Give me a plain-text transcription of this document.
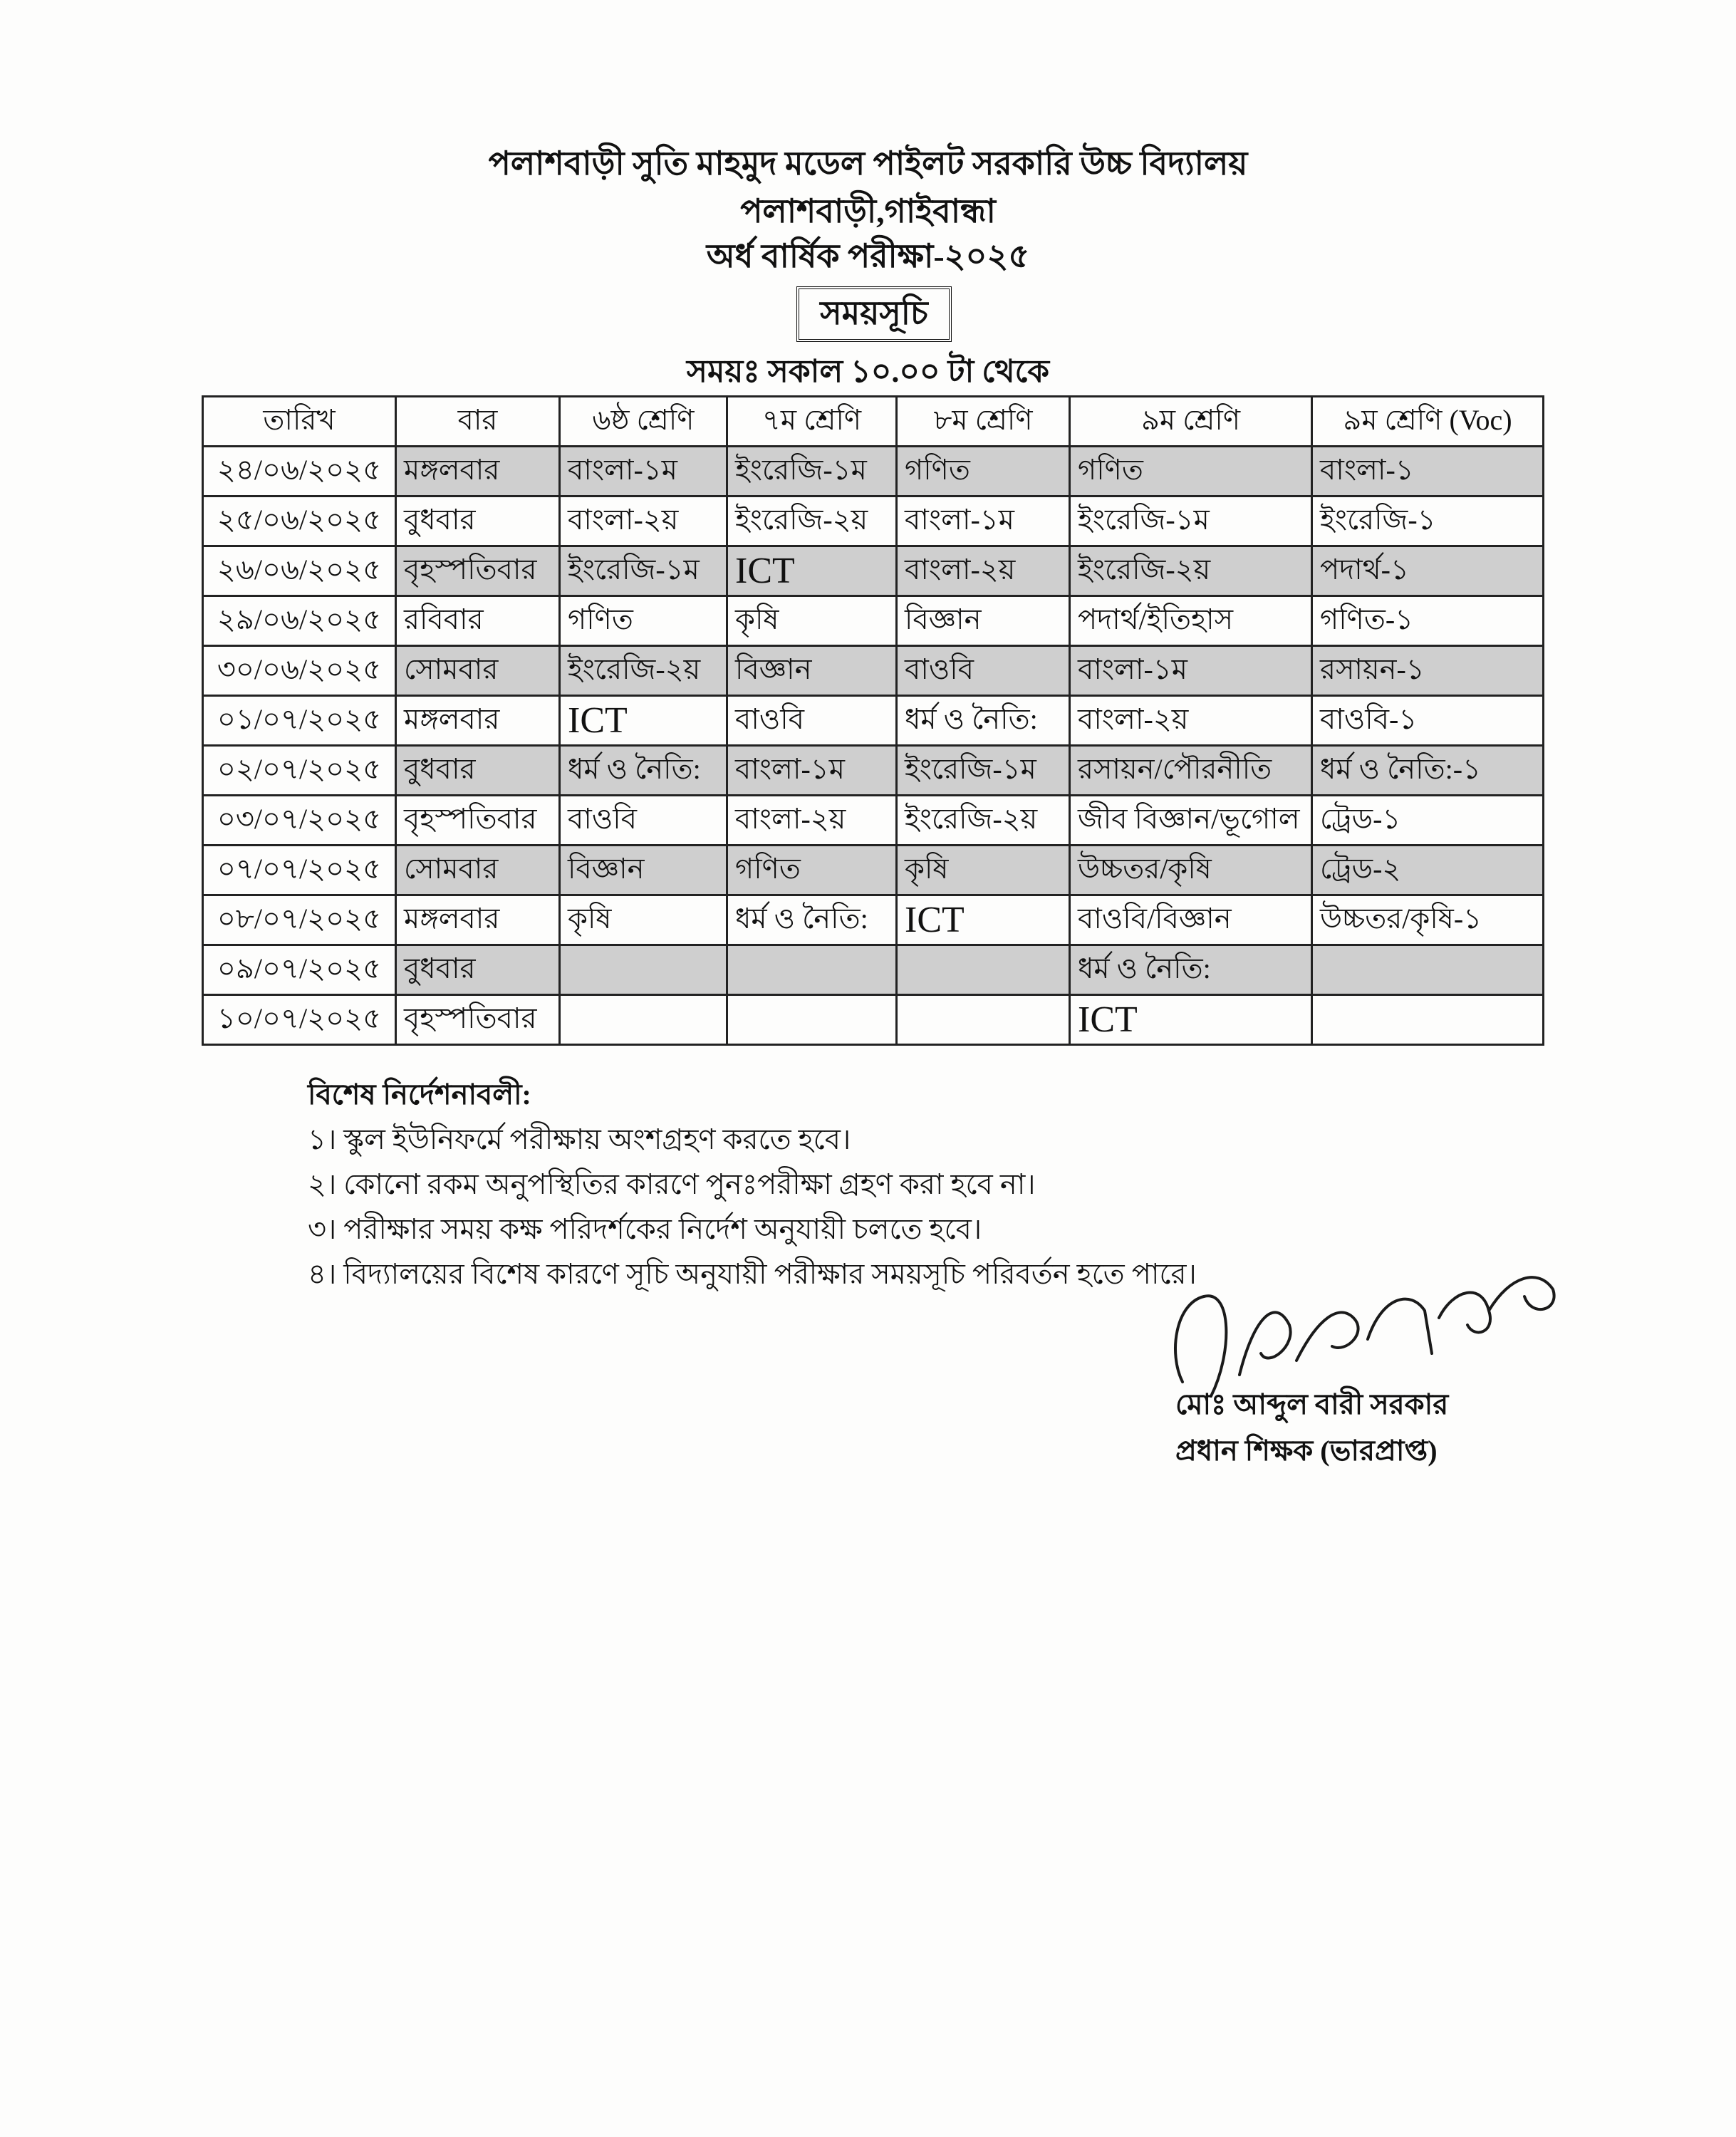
পলাশবাড়ী সুতি মাহমুদ মডেল পাইলট সরকারি উচ্চ বিদ্যালয়
পলাশবাড়ী,গাইবান্ধা
অর্ধ বার্ষিক পরীক্ষা-২০২৫
সময়সূচি
সময়ঃ সকাল ১০.০০ টা থেকে
তারিখ	বার	৬ষ্ঠ শ্রেণি	৭ম শ্রেণি	৮ম শ্রেণি	৯ম শ্রেণি	৯ম শ্রেণি (Voc)
২৪/০৬/২০২৫	মঙ্গলবার	বাংলা-১ম	ইংরেজি-১ম	গণিত	গণিত	বাংলা-১
২৫/০৬/২০২৫	বুধবার	বাংলা-২য়	ইংরেজি-২য়	বাংলা-১ম	ইংরেজি-১ম	ইংরেজি-১
২৬/০৬/২০২৫	বৃহস্পতিবার	ইংরেজি-১ম	ICT	বাংলা-২য়	ইংরেজি-২য়	পদার্থ-১
২৯/০৬/২০২৫	রবিবার	গণিত	কৃষি	বিজ্ঞান	পদার্থ/ইতিহাস	গণিত-১
৩০/০৬/২০২৫	সোমবার	ইংরেজি-২য়	বিজ্ঞান	বাওবি	বাংলা-১ম	রসায়ন-১
০১/০৭/২০২৫	মঙ্গলবার	ICT	বাওবি	ধর্ম ও নৈতি:	বাংলা-২য়	বাওবি-১
০২/০৭/২০২৫	বুধবার	ধর্ম ও নৈতি:	বাংলা-১ম	ইংরেজি-১ম	রসায়ন/পৌরনীতি	ধর্ম ও নৈতি:-১
০৩/০৭/২০২৫	বৃহস্পতিবার	বাওবি	বাংলা-২য়	ইংরেজি-২য়	জীব বিজ্ঞান/ভূগোল	ট্রেড-১
০৭/০৭/২০২৫	সোমবার	বিজ্ঞান	গণিত	কৃষি	উচ্চতর/কৃষি	ট্রেড-২
০৮/০৭/২০২৫	মঙ্গলবার	কৃষি	ধর্ম ও নৈতি:	ICT	বাওবি/বিজ্ঞান	উচ্চতর/কৃষি-১
০৯/০৭/২০২৫	বুধবার				ধর্ম ও নৈতি:	
১০/০৭/২০২৫	বৃহস্পতিবার				ICT	
বিশেষ নির্দেশনাবলী:
১। স্কুল ইউনিফর্মে পরীক্ষায় অংশগ্রহণ করতে হবে।
২। কোনো রকম অনুপস্থিতির কারণে পুনঃপরীক্ষা গ্রহণ করা হবে না।
৩। পরীক্ষার সময় কক্ষ পরিদর্শকের নির্দেশ অনুযায়ী চলতে হবে।
৪। বিদ্যালয়ের বিশেষ কারণে সূচি অনুযায়ী পরীক্ষার সময়সূচি পরিবর্তন হতে পারে।
মোঃ আব্দুল বারী সরকার
প্রধান শিক্ষক (ভারপ্রাপ্ত)
